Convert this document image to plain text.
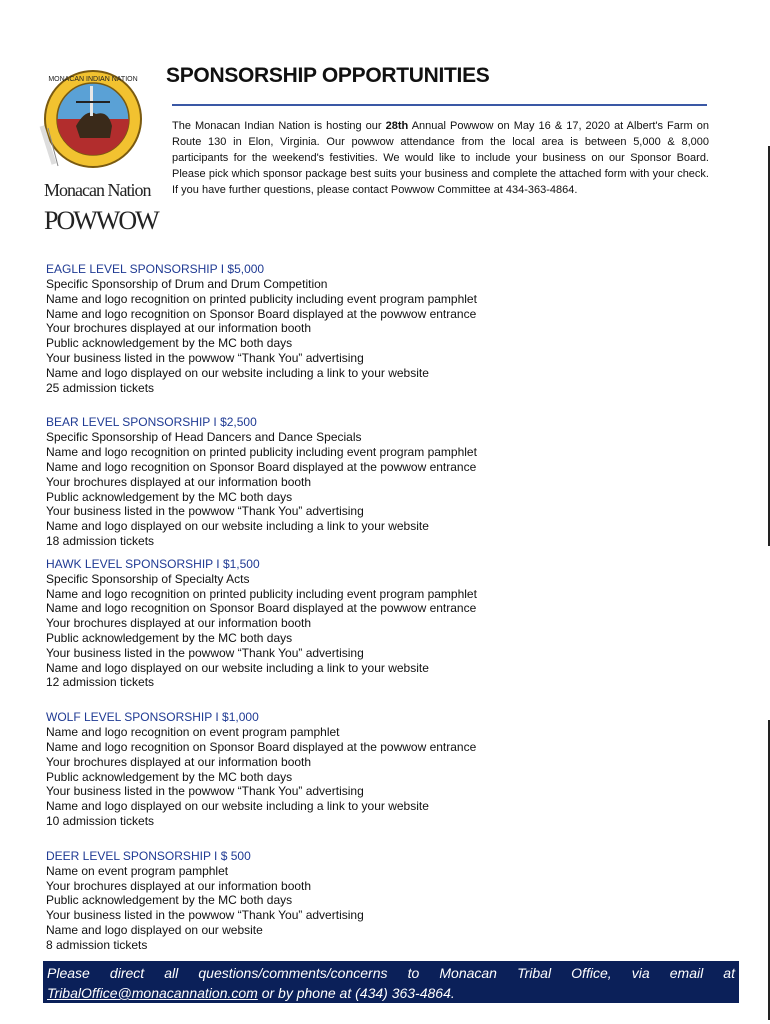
MONACAN INDIAN NATION
Monacan Nation
POWWOW
SPONSORSHIP OPPORTUNITIES
The Monacan Indian Nation is hosting our 28th Annual Powwow on May 16 & 17, 2020 at Albert's Farm on Route 130 in Elon, Virginia. Our powwow attendance from the local area is between 5,000 & 8,000 participants for the weekend's festivities. We would like to include your business on our Sponsor Board. Please pick which sponsor package best suits your business and complete the attached form with your check. If you have further questions, please contact Powwow Committee at 434-363-4864.
EAGLE LEVEL SPONSORSHIP I $5,000
Specific Sponsorship of Drum and Drum Competition
Name and logo recognition on printed publicity including event program pamphlet
Name and logo recognition on Sponsor Board displayed at the powwow entrance
Your brochures displayed at our information booth
Public acknowledgement by the MC both days
Your business listed in the powwow “Thank You” advertising
Name and logo displayed on our website including a link to your website
25 admission tickets
BEAR LEVEL SPONSORSHIP I $2,500
Specific Sponsorship of Head Dancers and Dance Specials
Name and logo recognition on printed publicity including event program pamphlet
Name and logo recognition on Sponsor Board displayed at the powwow entrance
Your brochures displayed at our information booth
Public acknowledgement by the MC both days
Your business listed in the powwow “Thank You” advertising
Name and logo displayed on our website including a link to your website
18 admission tickets
HAWK LEVEL SPONSORSHIP I $1,500
Specific Sponsorship of Specialty Acts
Name and logo recognition on printed publicity including event program pamphlet
Name and logo recognition on Sponsor Board displayed at the powwow entrance
Your brochures displayed at our information booth
Public acknowledgement by the MC both days
Your business listed in the powwow “Thank You” advertising
Name and logo displayed on our website including a link to your website
12 admission tickets
WOLF LEVEL SPONSORSHIP I $1,000
Name and logo recognition on event program pamphlet
Name and logo recognition on Sponsor Board displayed at the powwow entrance
Your brochures displayed at our information booth
Public acknowledgement by the MC both days
Your business listed in the powwow “Thank You” advertising
Name and logo displayed on our website including a link to your website
10 admission tickets
DEER LEVEL SPONSORSHIP I $ 500
Name on event program pamphlet
Your brochures displayed at our information booth
Public acknowledgement by the MC both days
Your business listed in the powwow “Thank You” advertising
Name and logo displayed on our website
8 admission tickets
Please direct all questions/comments/concerns to Monacan Tribal Office, via email at
TribalOffice@monacannation.com or by phone at (434) 363-4864.
